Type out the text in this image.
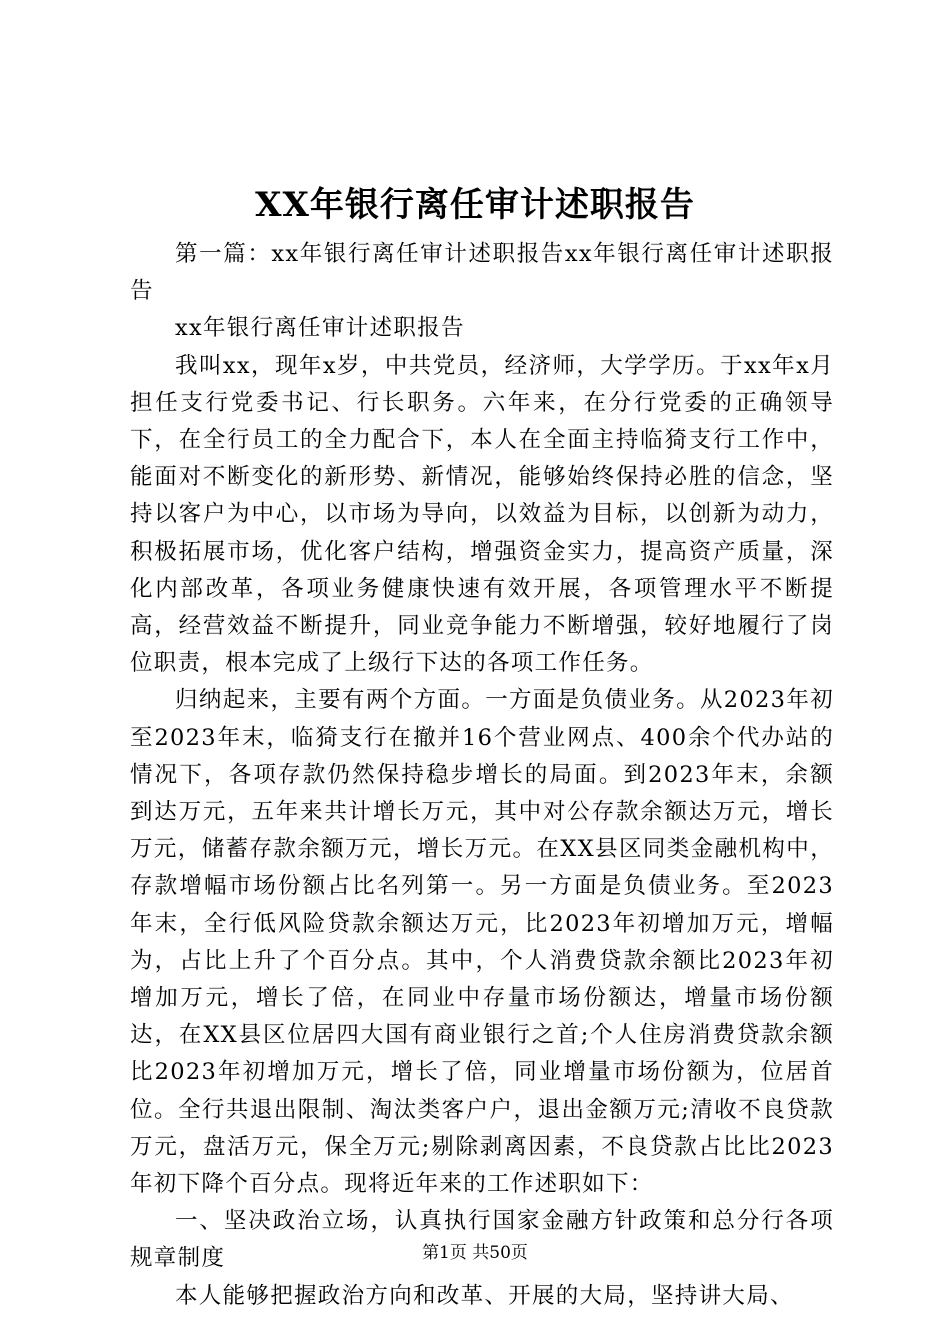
XX年银行离任审计述职报告

第一篇：xx年银行离任审计述职报告xx年银行离任审计述职报告

xx年银行离任审计述职报告

我叫xx，现年x岁，中共党员，经济师，大学学历。于xx年x月担任支行党委书记、行长职务。六年来，在分行党委的正确领导下，在全行员工的全力配合下，本人在全面主持临猗支行工作中，能面对不断变化的新形势、新情况，能够始终保持必胜的信念，坚持以客户为中心，以市场为导向，以效益为目标，以创新为动力，积极拓展市场，优化客户结构，增强资金实力，提高资产质量，深化内部改革，各项业务健康快速有效开展，各项管理水平不断提高，经营效益不断提升，同业竞争能力不断增强，较好地履行了岗位职责，根本完成了上级行下达的各项工作任务。

归纳起来，主要有两个方面。一方面是负债业务。从2023年初至2023年末，临猗支行在撤并16个营业网点、400余个代办站的情况下，各项存款仍然保持稳步增长的局面。到2023年末，余额到达万元，五年来共计增长万元，其中对公存款余额达万元，增长万元，储蓄存款余额万元，增长万元。在XX县区同类金融机构中，存款增幅市场份额占比名列第一。另一方面是负债业务。至2023年末，全行低风险贷款余额达万元，比2023年初增加万元，增幅为，占比上升了个百分点。其中，个人消费贷款余额比2023年初增加万元，增长了倍，在同业中存量市场份额达，增量市场份额达，在XX县区位居四大国有商业银行之首;个人住房消费贷款余额比2023年初增加万元，增长了倍，同业增量市场份额为，位居首位。全行共退出限制、淘汰类客户户，退出金额万元;清收不良贷款万元，盘活万元，保全万元;剔除剥离因素，不良贷款占比比2023年初下降个百分点。现将近年来的工作述职如下：

一、坚决政治立场，认真执行国家金融方针政策和总分行各项规章制度

本人能够把握政治方向和改革、开展的大局，坚持讲大局、

第1页 共50页
